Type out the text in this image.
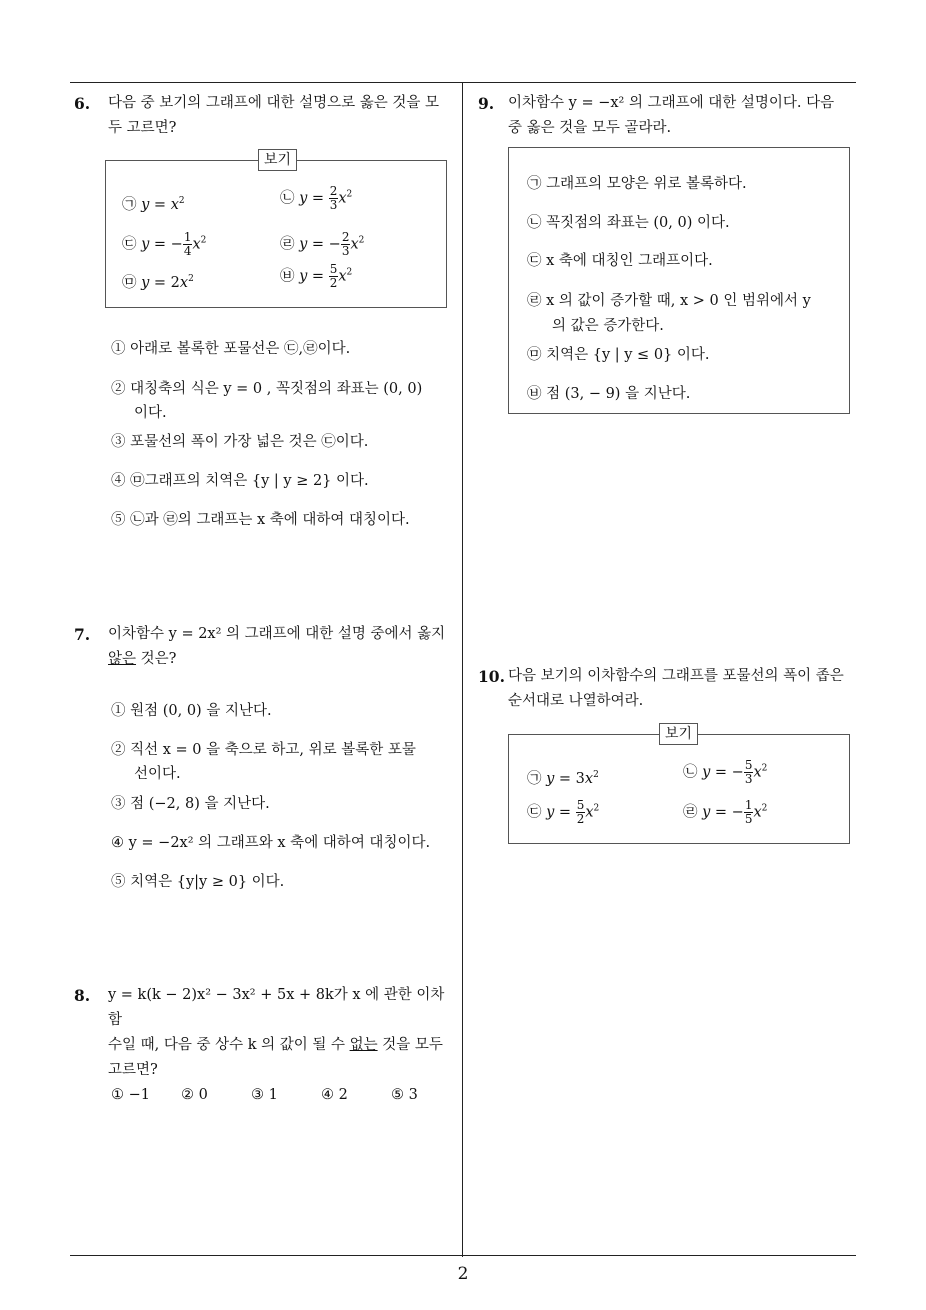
6. 다음 중 보기의 그래프에 대한 설명으로 옳은 것을 모
두 고르면?
보기
㉠ $y = x^2$	㉡ $y = \frac{2}{3} x^2$
㉢ y = − $\frac{1}{4} x^2$	㉣ y = − $\frac{2}{3} x^2$
㉤ $y = 2x^2$	㉥ $y = \frac{5}{2} x^2$
① 아래로 볼록한 포물선은 ㉢,㉣이다.
② 대칭축의 식은 y = 0 , 꼭짓점의 좌표는 (0, 0)
이다.
③ 포물선의 폭이 가장 넓은 것은 ㉢이다.
④ ㉤그래프의 치역은 {y | y ≥ 2} 이다.
⑤ ㉡과 ㉣의 그래프는 x 축에 대하여 대칭이다.
7. 이차함수 y = 2x² 의 그래프에 대한 설명 중에서 옳지
않은 것은?
① 원점 (0, 0) 을 지난다.
② 직선 x = 0 을 축으로 하고, 위로 볼록한 포물
선이다.
③ 점 (−2, 8) 을 지난다.
④ y = −2x² 의 그래프와 x 축에 대하여 대칭이다.
⑤ 치역은 {y|y ≥ 0} 이다.
8. y = k(k − 2)x² − 3x² + 5x + 8k가 x 에 관한 이차함
수일 때, 다음 중 상수 k 의 값이 될 수 없는 것을 모두
고르면?
① −1 ② 0	③ 1	④ 2	⑤ 3
9. 이차함수 y = −x² 의 그래프에 대한 설명이다. 다음
중 옳은 것을 모두 골라라.
㉠ 그래프의 모양은 위로 볼록하다.
㉡ 꼭짓점의 좌표는 (0, 0) 이다.
㉢ x 축에 대칭인 그래프이다.
㉣ x 의 값이 증가할 때, x > 0 인 범위에서 y
의 값은 증가한다.
㉤ 치역은 {y | y ≤ 0} 이다.
㉥ 점 (3, − 9) 을 지난다.
10. 다음 보기의 이차함수의 그래프를 포물선의 폭이 좁은
순서대로 나열하여라.
보기
㉠ $y = 3x^2$	㉡ y = − $\frac{5}{3} x^2$
㉢ $y = \frac{5}{2} x^2$	㉣ y = − $\frac{1}{5} x^2$
2
